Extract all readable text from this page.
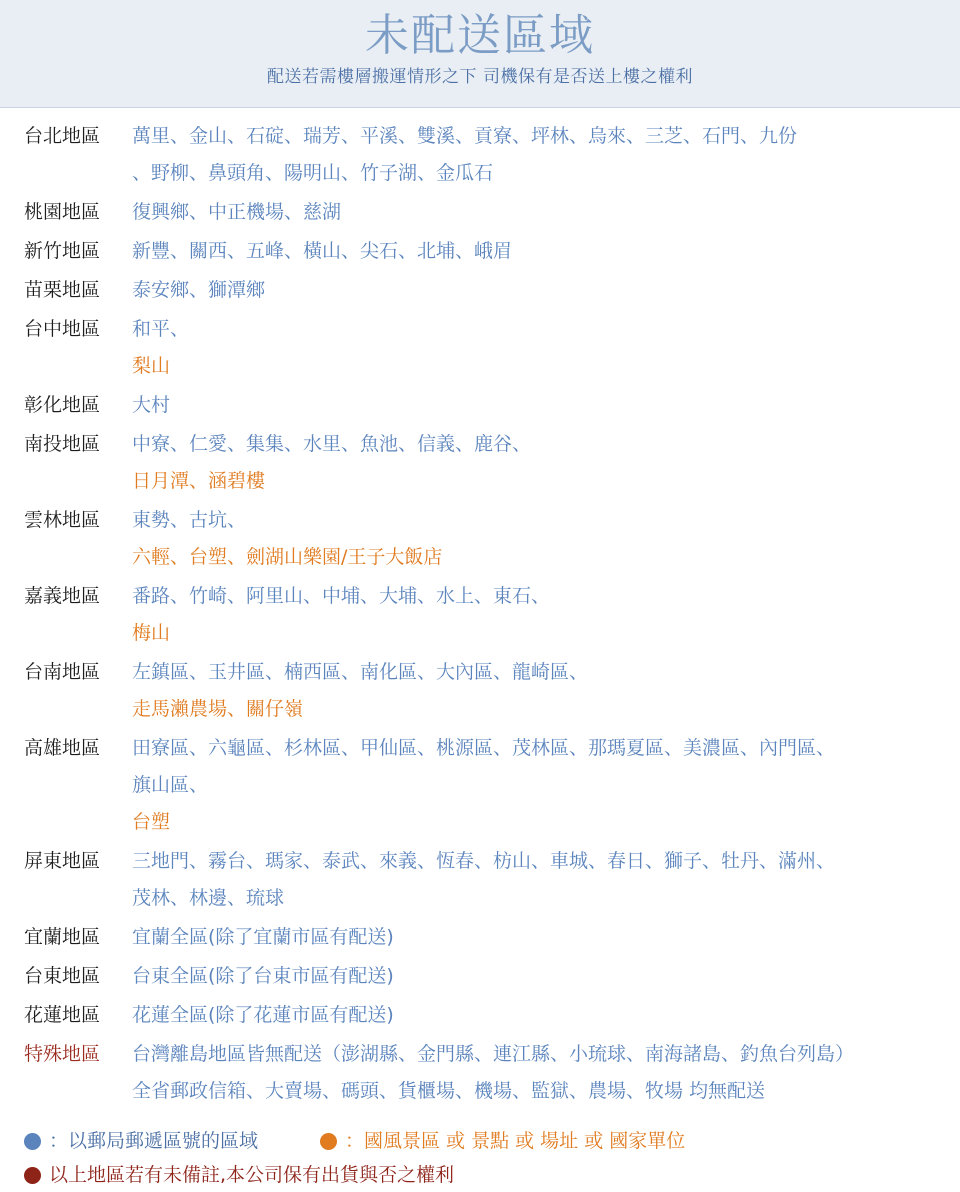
未配送區域
配送若需樓層搬運情形之下 司機保有是否送上樓之權利
台北地區	萬里、金山、石碇、瑞芳、平溪、雙溪、貢寮、坪林、烏來、三芝、石門、九份
、野柳、鼻頭角、陽明山、竹子湖、金瓜石
桃園地區	復興鄉、中正機場、慈湖
新竹地區	新豐、關西、五峰、橫山、尖石、北埔、峨眉
苗栗地區	泰安鄉、獅潭鄉
台中地區	和平、
梨山
彰化地區	大村
南投地區	中寮、仁愛、集集、水里、魚池、信義、鹿谷、
日月潭、涵碧樓
雲林地區	東勢、古坑、
六輕、台塑、劍湖山樂園/王子大飯店
嘉義地區	番路、竹崎、阿里山、中埔、大埔、水上、東石、
梅山
台南地區	左鎮區、玉井區、楠西區、南化區、大內區、龍崎區、
走馬瀨農場、關仔嶺
高雄地區	田寮區、六龜區、杉林區、甲仙區、桃源區、茂林區、那瑪夏區、美濃區、內門區、
旗山區、
台塑
屏東地區	三地門、霧台、瑪家、泰武、來義、恆春、枋山、車城、春日、獅子、牡丹、滿州、
茂林、林邊、琉球
宜蘭地區	宜蘭全區(除了宜蘭市區有配送)
台東地區	台東全區(除了台東市區有配送)
花蓮地區	花蓮全區(除了花蓮市區有配送)
特殊地區	台灣離島地區皆無配送（澎湖縣、金門縣、連江縣、小琉球、南海諸島、釣魚台列島）
全省郵政信箱、大賣場、碼頭、貨櫃場、機場、監獄、農場、牧場 均無配送
：以郵局郵遞區號的區域	：國風景區 或 景點 或 場址 或 國家單位
以上地區若有未備註,本公司保有出貨與否之權利
